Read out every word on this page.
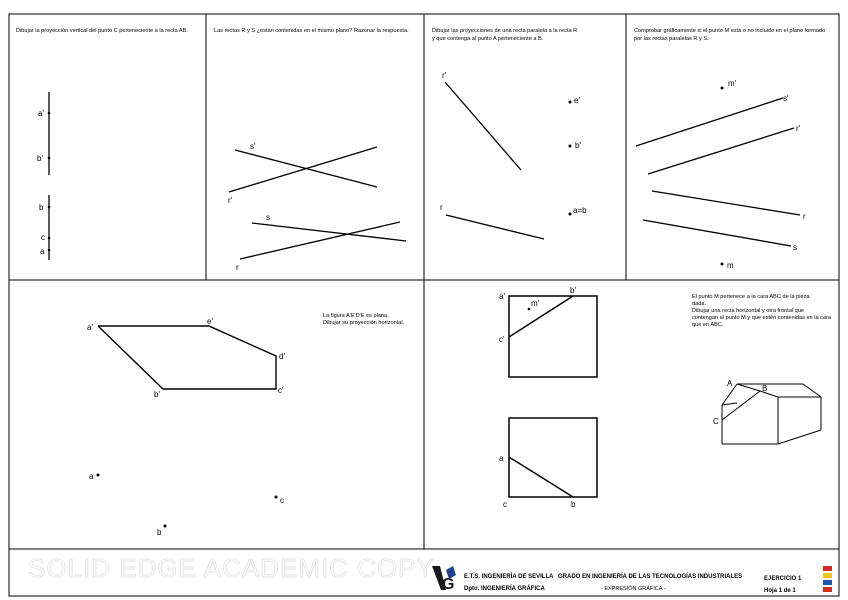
SOLID EDGE ACADEMIC COPY
Dibujar la proyección vertical del punto C perteneciente a la recta AB.
a'
b'
b
c
a
Las rectas R y S ¿están contenidas en el mismo plano? Razonar la respuesta.
s'
r'
s
r
Dibujar las proyecciones de una recta paralela a la recta R
y que contenga al punto A perteneciente a B.
r'
e'
b'
r	a=b
Comprobar gráficamente si el punto M está o no incluido en el plano formado
por las rectas paralelas R y S.
m'
s'
r'
r
s
m
La figura A'E'D'E es plana.
Dibujar su proyección horizontal.
a'
e'
d'
b'	c'
a
c
b
a'
b'
m'
c'
a
c	b
El punto M pertenece a la cara ABC de la pieza
dada.
Dibujar una recta horizontal y otra frontal que
contengan al punto M y que estén contenidas en la cara
que en ABC.
A
B
C
G E.T.S. INGENIERÍA DE SEVILLA
Dpto. INGENIERÍA GRÁFICA
GRADO EN INGENIERÍA DE LAS TECNOLOGÍAS INDUSTRIALES
- EXPRESIÓN GRÁFICA -
EJERCICIO 1
Hoja 1 de 1
